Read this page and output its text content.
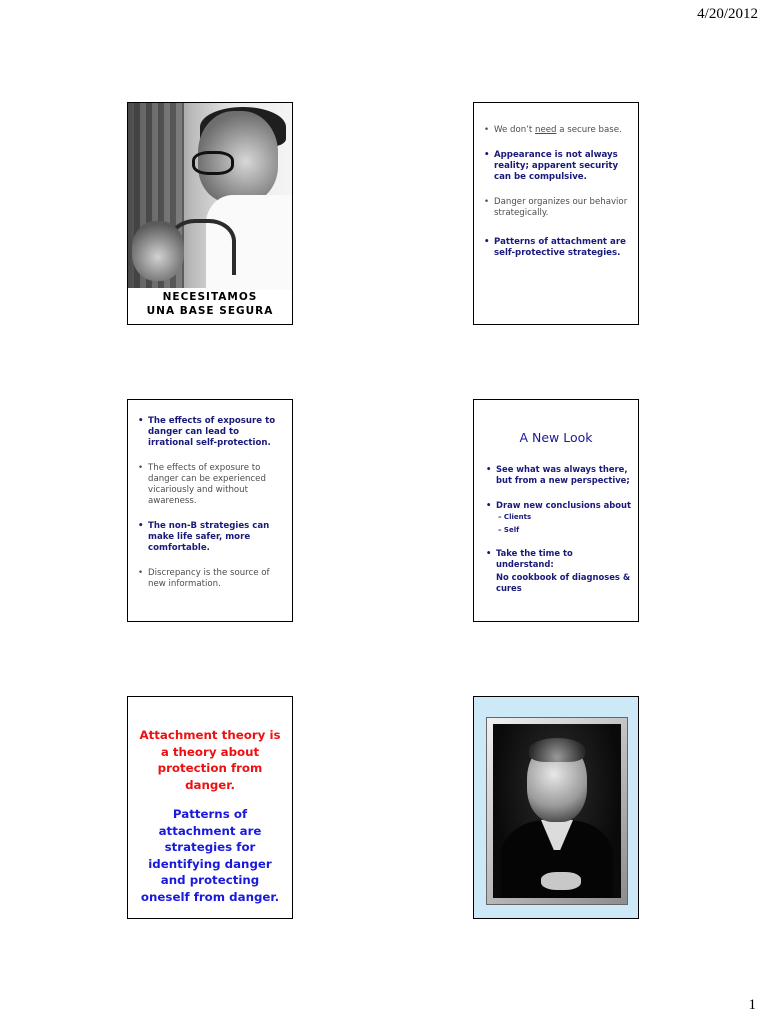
4/20/2012
NECESITAMOS
UNA BASE SEGURA
• We don’t need a secure base.
• Appearance is not always reality; apparent security can be compulsive.
• Danger organizes our behavior strategically.
• Patterns of attachment are self-protective strategies.
• The effects of exposure to danger can lead to irrational self-protection.
• The effects of exposure to danger can be experienced vicariously and without awareness.
• The non-B strategies can make life safer, more comfortable.
• Discrepancy is the source of new information.
A New Look
• See what was always there, but from a new perspective;
• Draw new conclusions about
– Clients
– Self
• Take the time to understand:
No cookbook of diagnoses & cures
Attachment theory is a theory about protection from danger.
Patterns of attachment are strategies for identifying danger and protecting oneself from danger.
1
